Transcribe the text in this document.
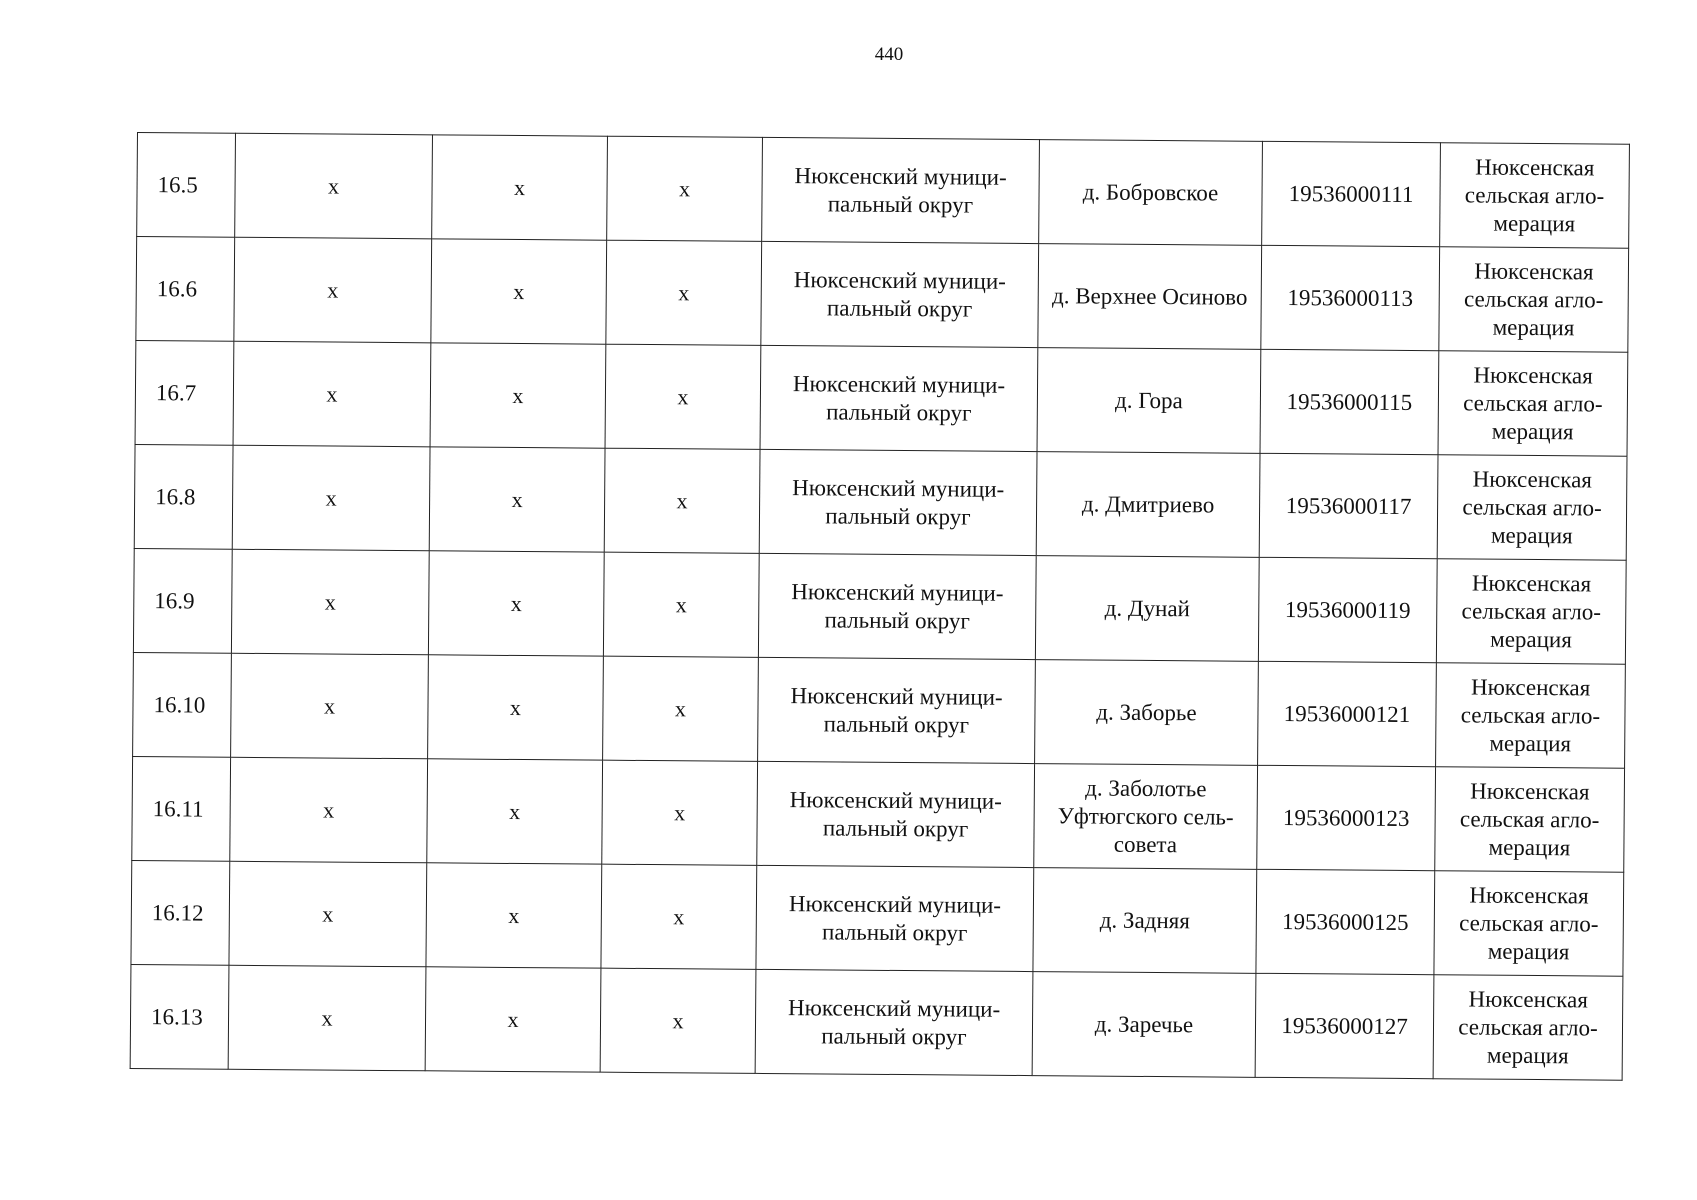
440
16.5	x	x	x	Нюксенский муници-
пальный округ	д. Бобровское	19536000111	Нюксенская
сельская агло-
мерация
16.6	x	x	x	Нюксенский муници-
пальный округ	д. Верхнее Осиново	19536000113	Нюксенская
сельская агло-
мерация
16.7	x	x	x	Нюксенский муници-
пальный округ	д. Гора	19536000115	Нюксенская
сельская агло-
мерация
16.8	x	x	x	Нюксенский муници-
пальный округ	д. Дмитриево	19536000117	Нюксенская
сельская агло-
мерация
16.9	x	x	x	Нюксенский муници-
пальный округ	д. Дунай	19536000119	Нюксенская
сельская агло-
мерация
16.10	x	x	x	Нюксенский муници-
пальный округ	д. Заборье	19536000121	Нюксенская
сельская агло-
мерация
16.11	x	x	x	Нюксенский муници-
пальный округ	д. Заболотье
Уфтюгского сель-
совета	19536000123	Нюксенская
сельская агло-
мерация
16.12	x	x	x	Нюксенский муници-
пальный округ	д. Задняя	19536000125	Нюксенская
сельская агло-
мерация
16.13	x	x	x	Нюксенский муници-
пальный округ	д. Заречье	19536000127	Нюксенская
сельская агло-
мерация
